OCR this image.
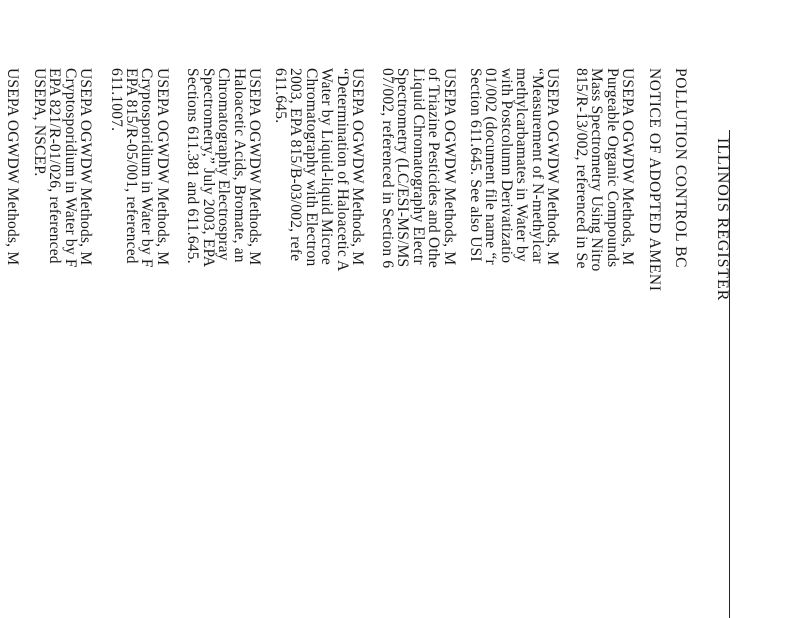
ILLINOIS REGISTER
POLLUTION CONTROL BC
NOTICE OF ADOPTED AMENI
USEPA OGWDW Methods, M
Purgeable Organic Compounds
Mass Spectrometry Using Nitro
815/R-13/002, referenced in Se
USEPA OGWDW Methods, M
“Measurement of N-methylcar
methylcarbamates in Water by
with Postcolumn Derivatizatio
01/002 (document file name “r
Section 611.645. See also USI
USEPA OGWDW Methods, M
of Triazine Pesticides and Othe
Liquid Chromatography Electr
Spectrometry (LC/ESI-MS/MS
07/002, referenced in Section 6
USEPA OGWDW Methods, M
“Determination of Haloacetic A
Water by Liquid-liquid Microe
Chromatography with Electron
2003, EPA 815/B-03/002, refe
611.645.
USEPA OGWDW Methods, M
Haloacetic Acids, Bromate, an
Chromatography Electrospray
Spectrometry,” July 2003, EPA
Sections 611.381 and 611.645.
USEPA OGWDW Methods, M
Cryptosporidium in Water by F
EPA 815/R-05/001, referenced
611.1007.
USEPA OGWDW Methods, M
Cryptosporidium in Water by F
EPA 821/R-01/026, referenced
USEPA, NSCEP.
USEPA OGWDW Methods, M
